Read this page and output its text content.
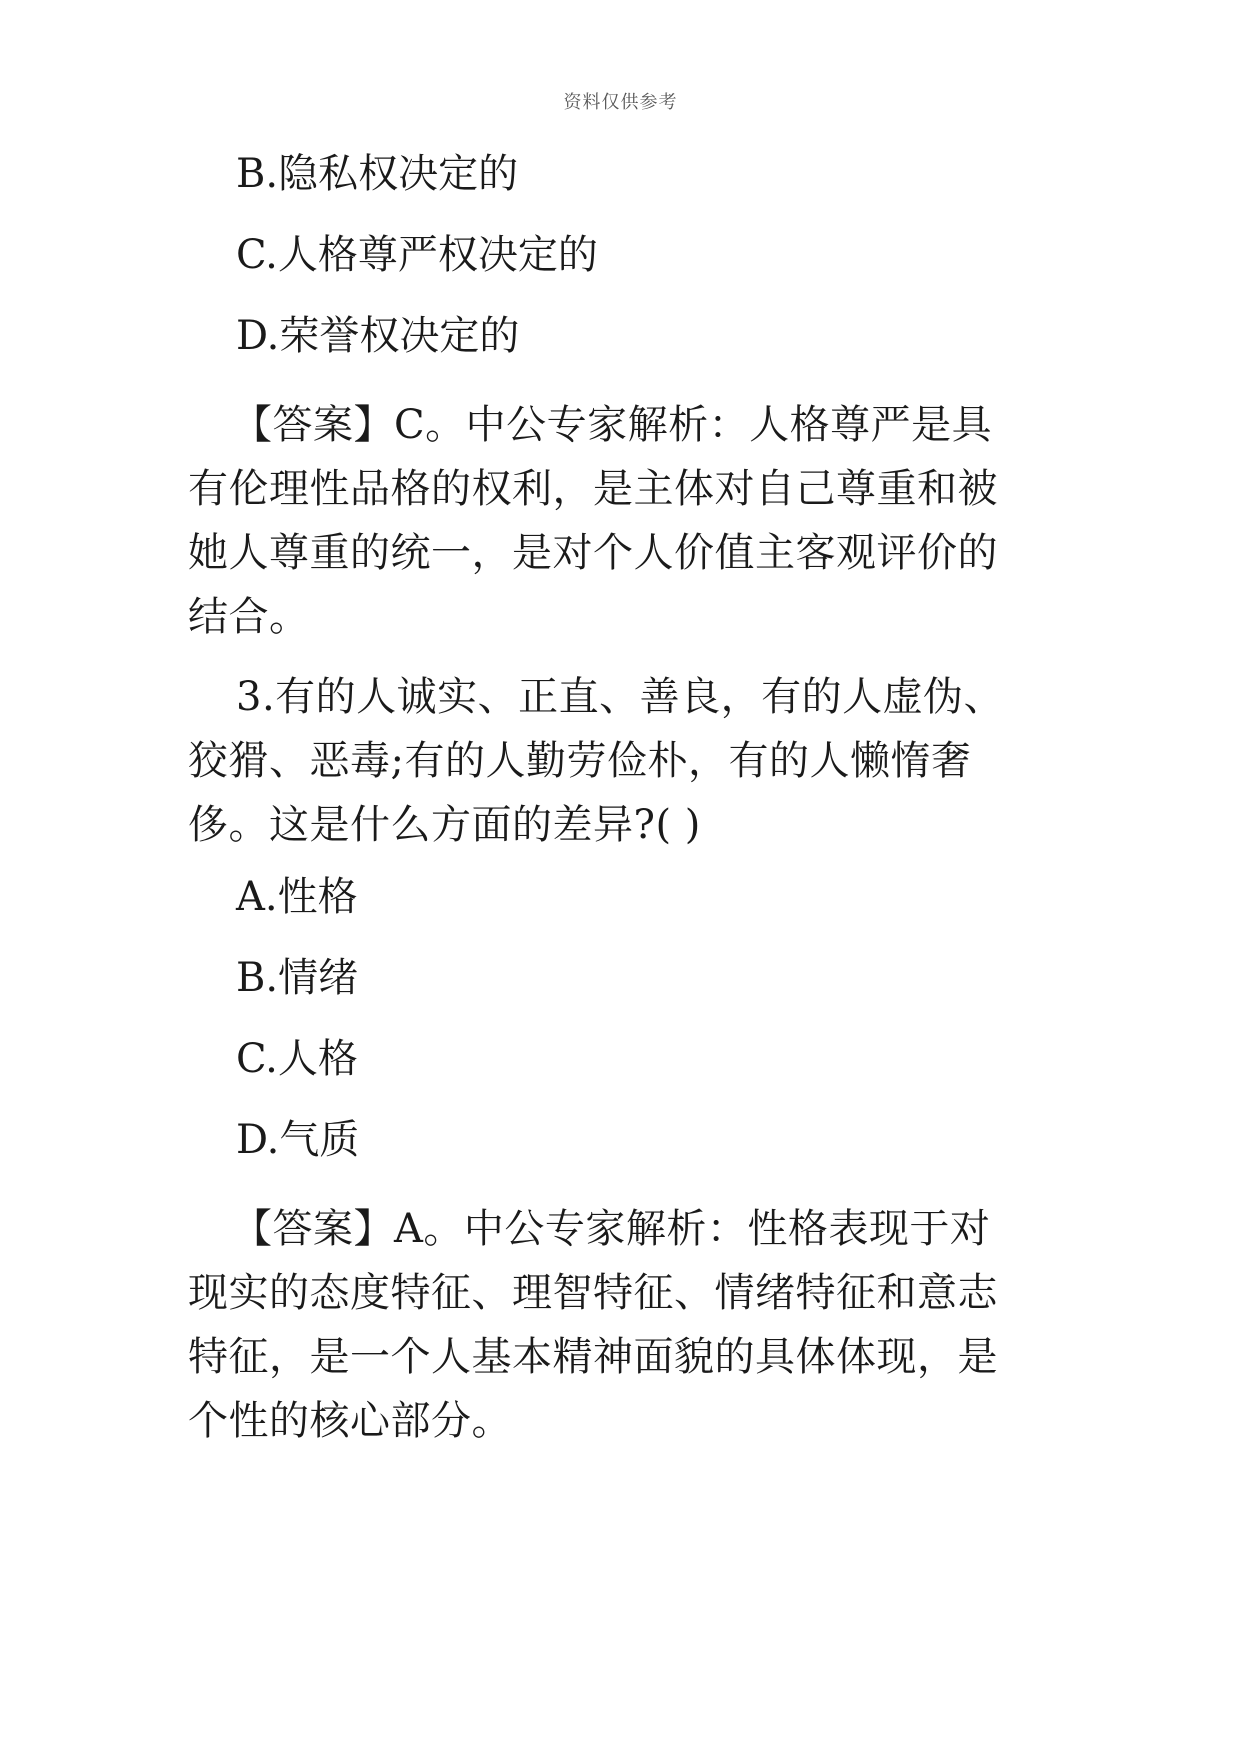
资料仅供参考
B.隐私权决定的
C.人格尊严权决定的
D.荣誉权决定的
【答案】C。中公专家解析：人格尊严是具有伦理性品格的权利，是主体对自己尊重和被她人尊重的统一，是对个人价值主客观评价的结合。
3.有的人诚实、正直、善良，有的人虚伪、狡猾、恶毒;有的人勤劳俭朴，有的人懒惰奢侈。这是什么方面的差异?( )
A.性格
B.情绪
C.人格
D.气质
【答案】A。中公专家解析：性格表现于对现实的态度特征、理智特征、情绪特征和意志特征，是一个人基本精神面貌的具体体现，是个性的核心部分。
